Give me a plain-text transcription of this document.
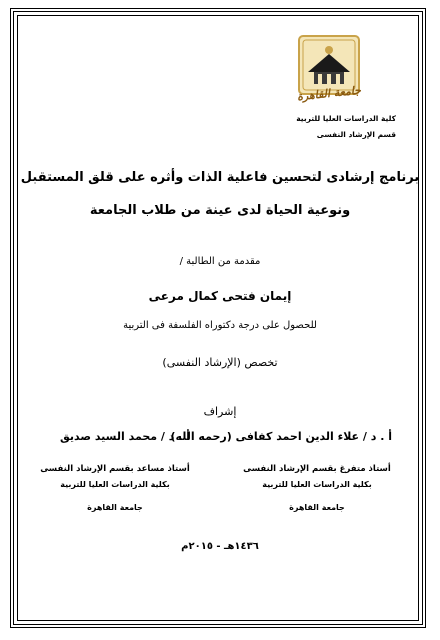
جامعة القاهرة
كلية الدراسات العليا للتربية
قسم الإرشاد النفسى
برنامج إرشادى لتحسين فاعلية الذات وأثره على قلق المستقبل
ونوعية الحياة لدى عينة من طلاب الجامعة
مقدمة من الطالبة /
إيمان فتحى كمال مرعى
للحصول على درجة دكتوراه الفلسفة فى التربية
تخصص (الإرشاد النفسى)
إشراف
أ . د / علاء الدين احمد كفافى (رحمه الله)
أ . د / محمد السيد صديق
أستاذ متفرغ بقسم الإرشاد النفسى
أستاذ مساعد بقسم الإرشاد النفسى
بكلية الدراسات العليا للتربية
بكلية الدراسات العليا للتربية
جامعة القاهرة
جامعة القاهرة
١٤٣٦هـ - ٢٠١٥م
